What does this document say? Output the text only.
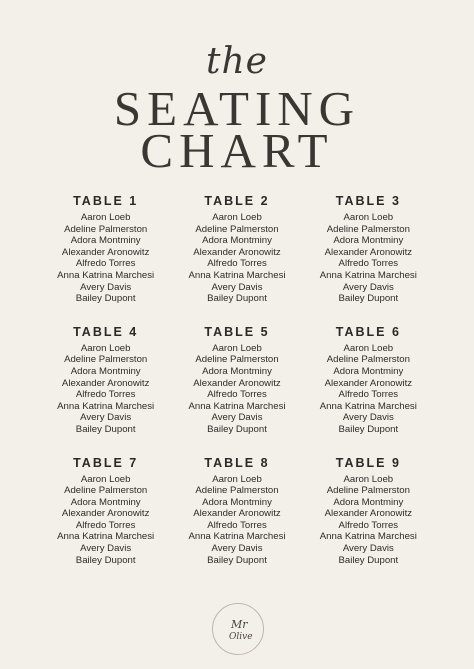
the
SEATING
CHART
TABLE 1
Aaron Loeb
Adeline Palmerston
Adora Montminy
Alexander Aronowitz
Alfredo Torres
Anna Katrina Marchesi
Avery Davis
Bailey Dupont
TABLE 2
Aaron Loeb
Adeline Palmerston
Adora Montminy
Alexander Aronowitz
Alfredo Torres
Anna Katrina Marchesi
Avery Davis
Bailey Dupont
TABLE 3
Aaron Loeb
Adeline Palmerston
Adora Montminy
Alexander Aronowitz
Alfredo Torres
Anna Katrina Marchesi
Avery Davis
Bailey Dupont
TABLE 4
Aaron Loeb
Adeline Palmerston
Adora Montminy
Alexander Aronowitz
Alfredo Torres
Anna Katrina Marchesi
Avery Davis
Bailey Dupont
TABLE 5
Aaron Loeb
Adeline Palmerston
Adora Montminy
Alexander Aronowitz
Alfredo Torres
Anna Katrina Marchesi
Avery Davis
Bailey Dupont
TABLE 6
Aaron Loeb
Adeline Palmerston
Adora Montminy
Alexander Aronowitz
Alfredo Torres
Anna Katrina Marchesi
Avery Davis
Bailey Dupont
TABLE 7
Aaron Loeb
Adeline Palmerston
Adora Montminy
Alexander Aronowitz
Alfredo Torres
Anna Katrina Marchesi
Avery Davis
Bailey Dupont
TABLE 8
Aaron Loeb
Adeline Palmerston
Adora Montminy
Alexander Aronowitz
Alfredo Torres
Anna Katrina Marchesi
Avery Davis
Bailey Dupont
TABLE 9
Aaron Loeb
Adeline Palmerston
Adora Montminy
Alexander Aronowitz
Alfredo Torres
Anna Katrina Marchesi
Avery Davis
Bailey Dupont
Mr
Olive
